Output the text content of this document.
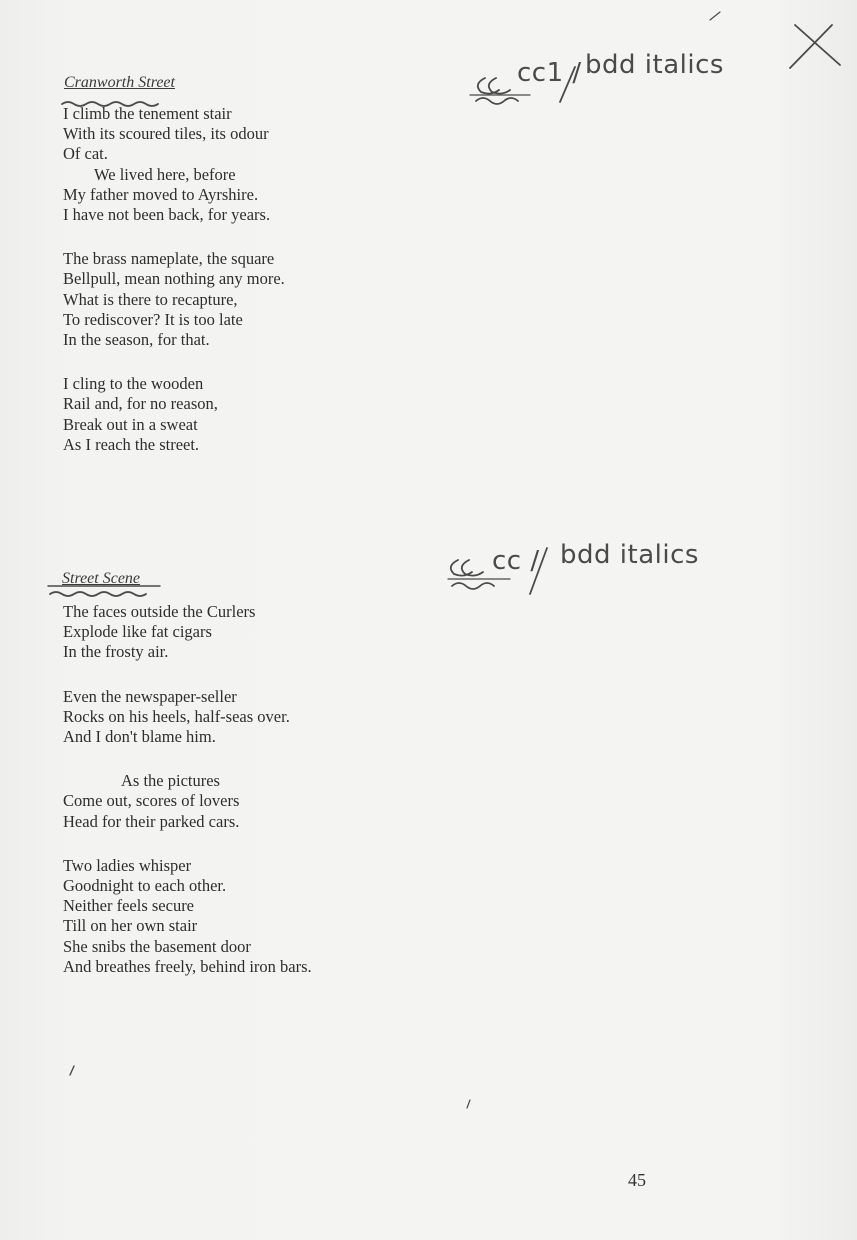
cc1 / bdd italics
cc / bdd italics
Cranworth Street
I climb the tenement stair
With its scoured tiles, its odour
Of cat.
We lived here, before
My father moved to Ayrshire.
I have not been back, for years.
The brass nameplate, the square
Bellpull, mean nothing any more.
What is there to recapture,
To rediscover? It is too late
In the season, for that.
I cling to the wooden
Rail and, for no reason,
Break out in a sweat
As I reach the street.
Street Scene
The faces outside the Curlers
Explode like fat cigars
In the frosty air.
Even the newspaper-seller
Rocks on his heels, half-seas over.
And I don't blame him.
As the pictures
Come out, scores of lovers
Head for their parked cars.
Two ladies whisper
Goodnight to each other.
Neither feels secure
Till on her own stair
She snibs the basement door
And breathes freely, behind iron bars.
45
